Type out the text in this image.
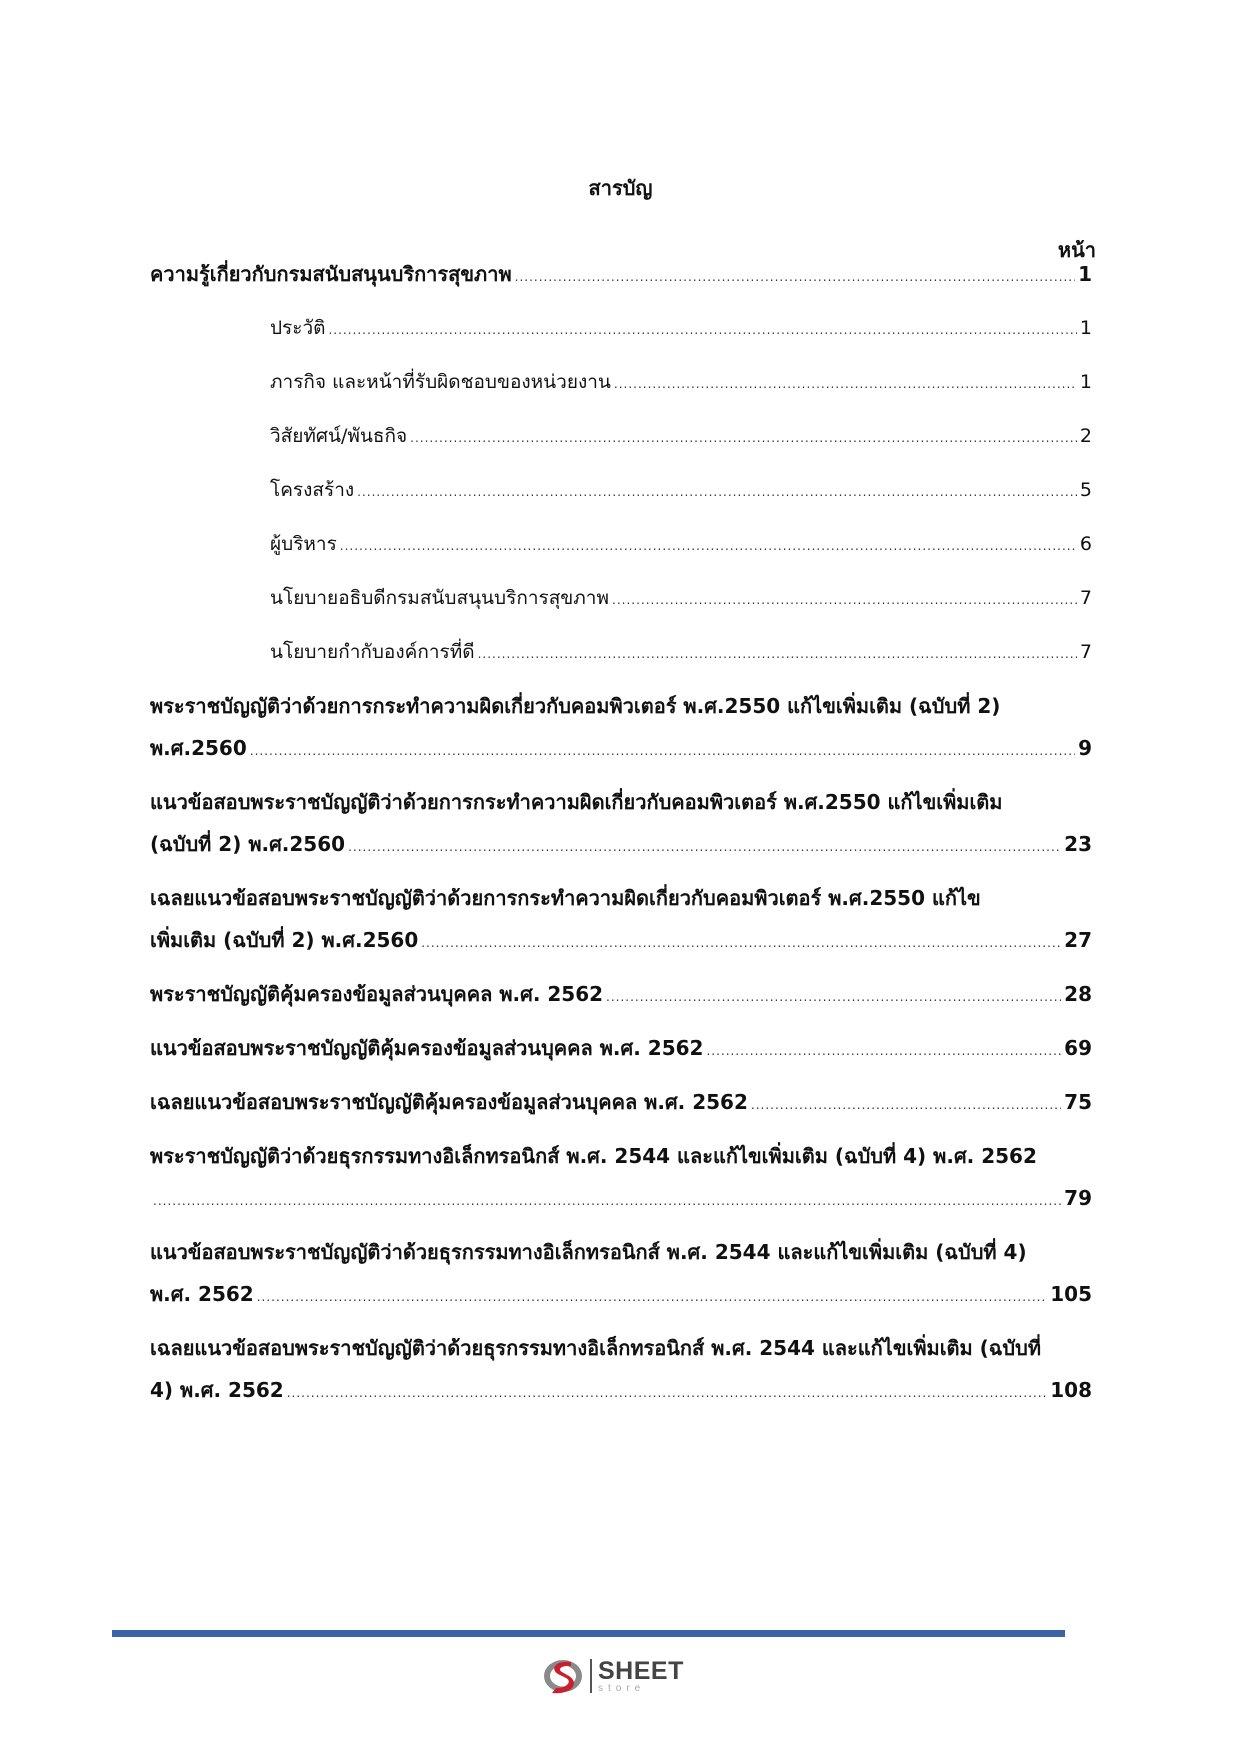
สารบัญ
หน้า
ความรู้เกี่ยวกับกรมสนับสนุนบริการสุขภาพ .....	1
ประวัติ .....	1
ภารกิจ และหน้าที่รับผิดชอบของหน่วยงาน .....	1
วิสัยทัศน์/พันธกิจ .....	2
โครงสร้าง .....	5
ผู้บริหาร .....	6
นโยบายอธิบดีกรมสนับสนุนบริการสุขภาพ .....	7
นโยบายกำกับองค์การที่ดี .....	7
พระราชบัญญัติว่าด้วยการกระทำความผิดเกี่ยวกับคอมพิวเตอร์ พ.ศ.2550 แก้ไขเพิ่มเติม (ฉบับที่ 2)
พ.ศ.2560 .....	9
แนวข้อสอบพระราชบัญญัติว่าด้วยการกระทำความผิดเกี่ยวกับคอมพิวเตอร์ พ.ศ.2550 แก้ไขเพิ่มเติม
(ฉบับที่ 2) พ.ศ.2560 .....	23
เฉลยแนวข้อสอบพระราชบัญญัติว่าด้วยการกระทำความผิดเกี่ยวกับคอมพิวเตอร์ พ.ศ.2550 แก้ไข
เพิ่มเติม (ฉบับที่ 2) พ.ศ.2560 .....	27
พระราชบัญญัติคุ้มครองข้อมูลส่วนบุคคล พ.ศ. 2562 .....	28
แนวข้อสอบพระราชบัญญัติคุ้มครองข้อมูลส่วนบุคคล พ.ศ. 2562 .....	69
เฉลยแนวข้อสอบพระราชบัญญัติคุ้มครองข้อมูลส่วนบุคคล พ.ศ. 2562 .....	75
พระราชบัญญัติว่าด้วยธุรกรรมทางอิเล็กทรอนิกส์ พ.ศ. 2544 และแก้ไขเพิ่มเติม (ฉบับที่ 4) พ.ศ. 2562
.....
79
แนวข้อสอบพระราชบัญญัติว่าด้วยธุรกรรมทางอิเล็กทรอนิกส์ พ.ศ. 2544 และแก้ไขเพิ่มเติม (ฉบับที่ 4)
พ.ศ. 2562 .....	105
เฉลยแนวข้อสอบพระราชบัญญัติว่าด้วยธุรกรรมทางอิเล็กทรอนิกส์ พ.ศ. 2544 และแก้ไขเพิ่มเติม (ฉบับที่
4) พ.ศ. 2562 .....	108
SHEET
store
